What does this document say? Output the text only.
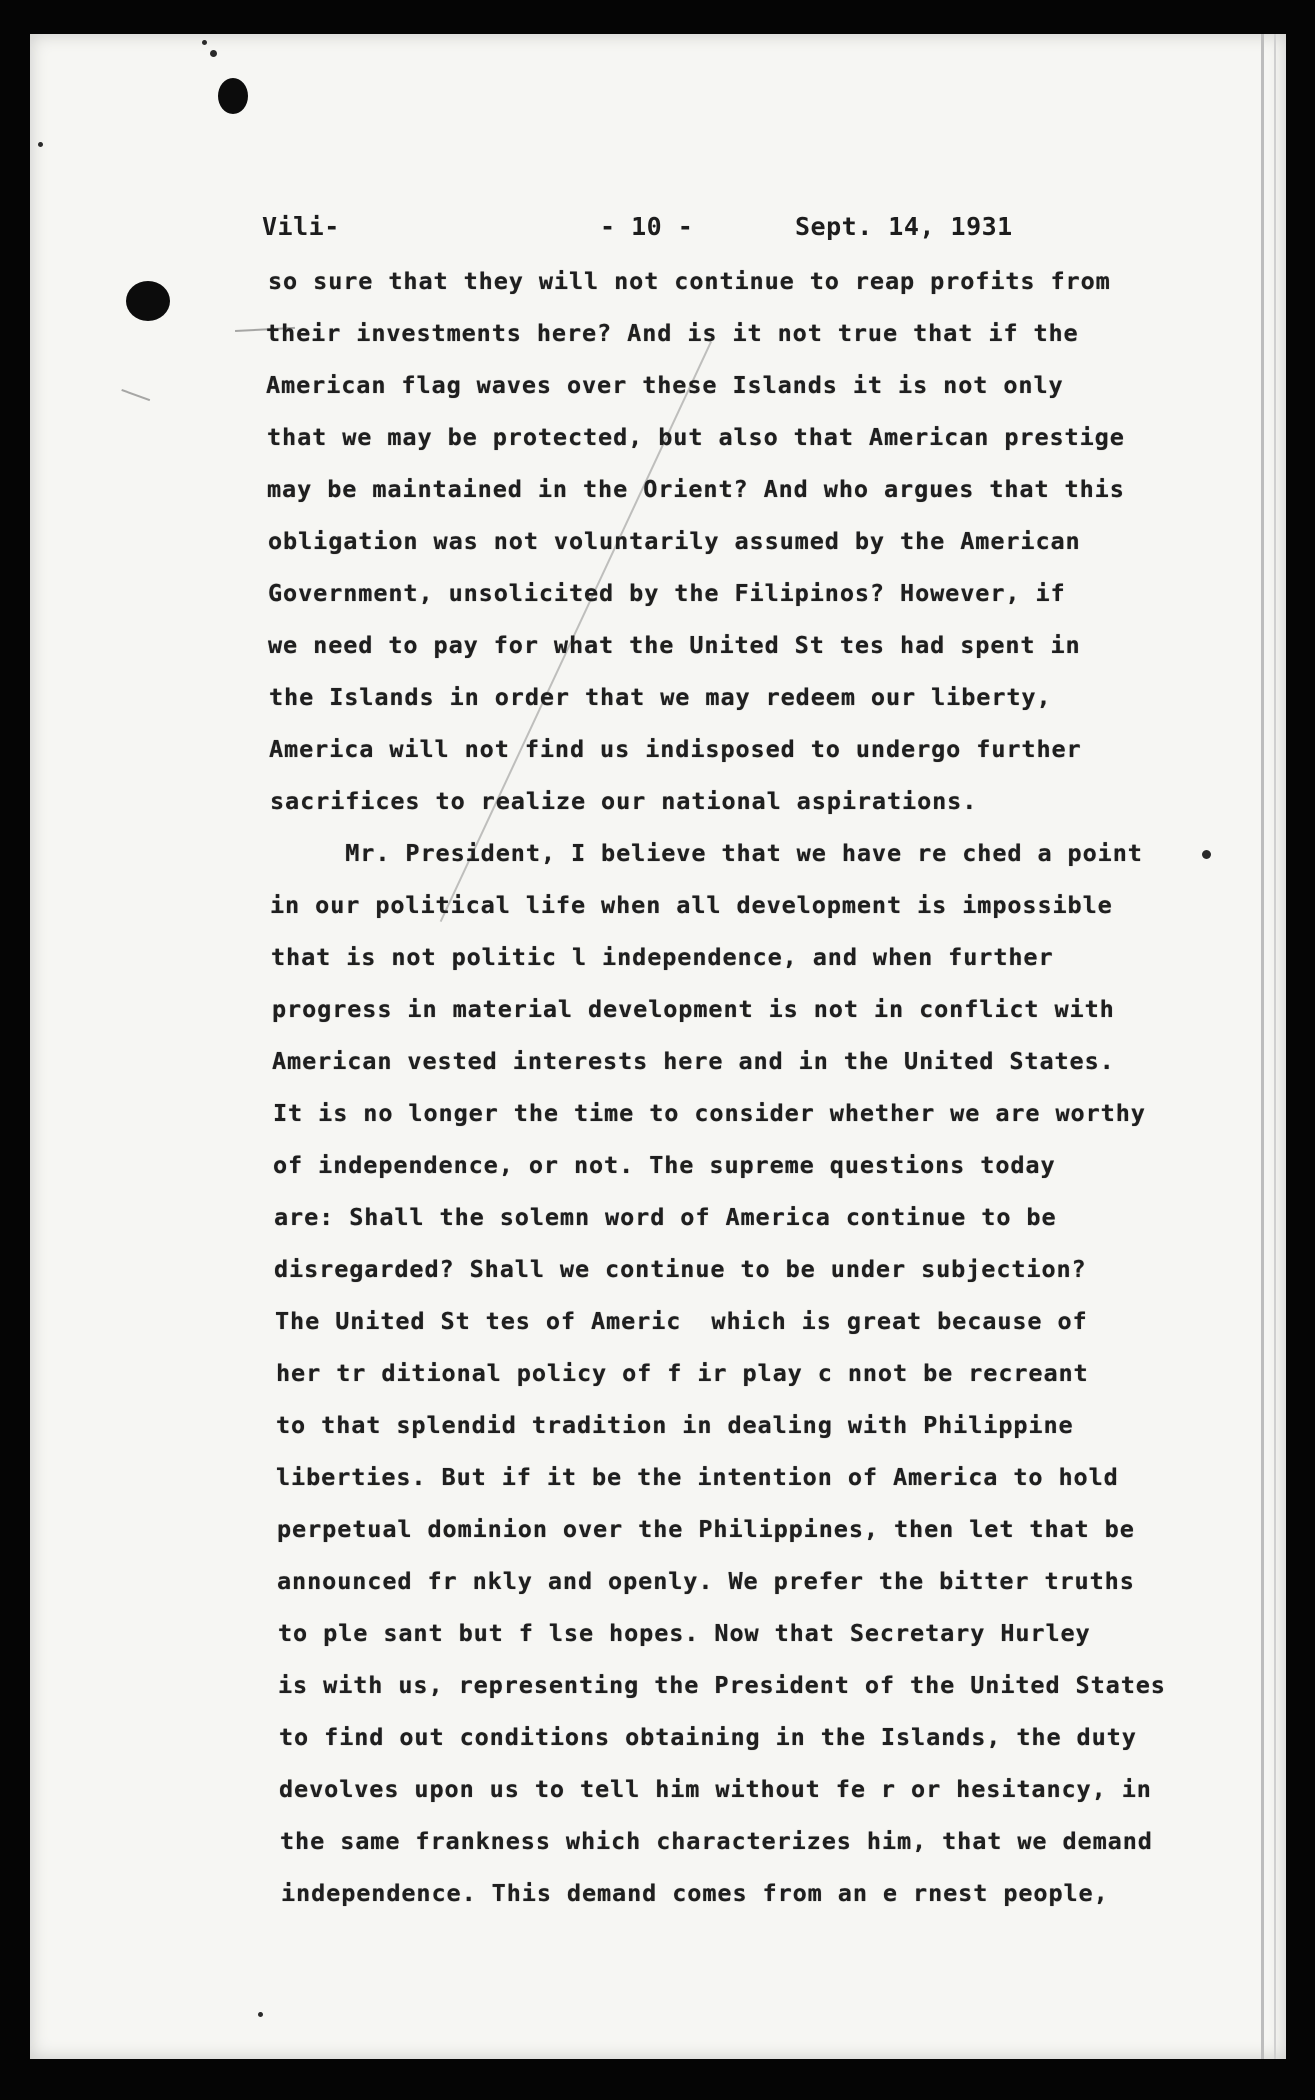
Vili-	- 10 -	Sept. 14, 1931
so sure that they will not continue to reap profits from
their investments here? And is it not true that if the
American flag waves over these Islands it is not only
that we may be protected, but also that American prestige
may be maintained in the Orient? And who argues that this
obligation was not voluntarily assumed by the American
Government, unsolicited by the Filipinos? However, if
we need to pay for what the United St tes had spent in
the Islands in order that we may redeem our liberty,
America will not find us indisposed to undergo further
sacrifices to realize our national aspirations.
Mr. President, I believe that we have re ched a point
in our political life when all development is impossible
that is not politic l independence, and when further
progress in material development is not in conflict with
American vested interests here and in the United States.
It is no longer the time to consider whether we are worthy
of independence, or not. The supreme questions today
are: Shall the solemn word of America continue to be
disregarded? Shall we continue to be under subjection?
The United St tes of Americ  which is great because of
her tr ditional policy of f ir play c nnot be recreant
to that splendid tradition in dealing with Philippine
liberties. But if it be the intention of America to hold
perpetual dominion over the Philippines, then let that be
announced fr nkly and openly. We prefer the bitter truths
to ple sant but f lse hopes. Now that Secretary Hurley
is with us, representing the President of the United States
to find out conditions obtaining in the Islands, the duty
devolves upon us to tell him without fe r or hesitancy, in
the same frankness which characterizes him, that we demand
independence. This demand comes from an e rnest people,
